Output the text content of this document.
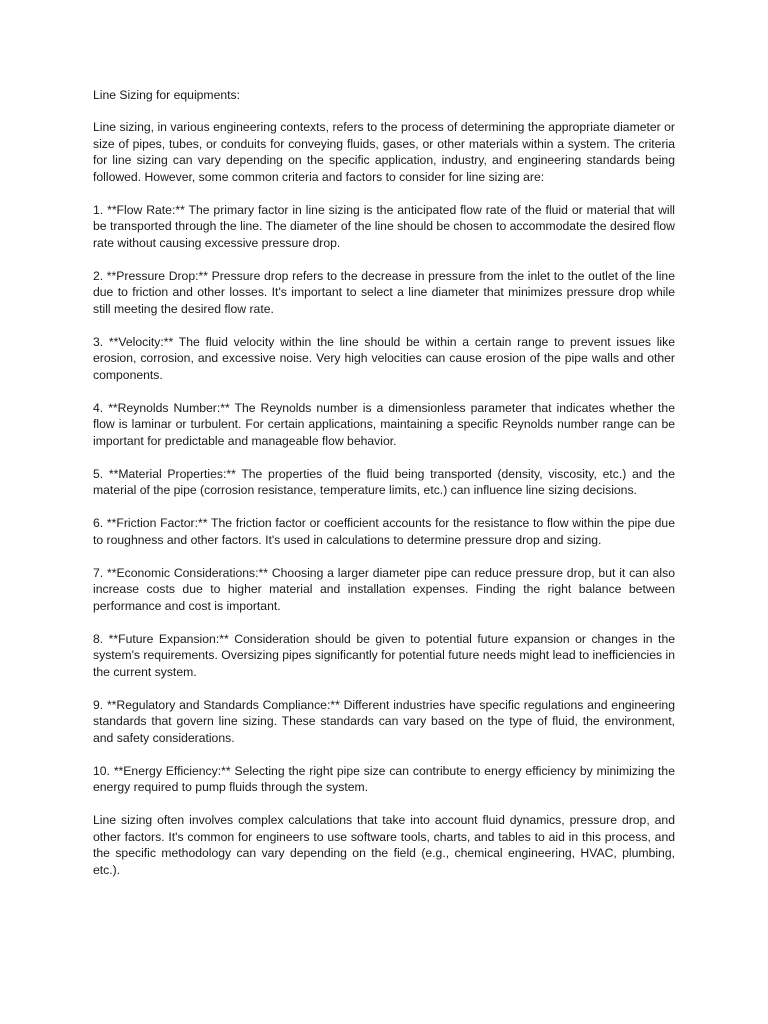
Line Sizing for equipments:

Line sizing, in various engineering contexts, refers to the process of determining the appropriate diameter or size of pipes, tubes, or conduits for conveying fluids, gases, or other materials within a system. The criteria for line sizing can vary depending on the specific application, industry, and engineering standards being followed. However, some common criteria and factors to consider for line sizing are:

1. **Flow Rate:** The primary factor in line sizing is the anticipated flow rate of the fluid or material that will be transported through the line. The diameter of the line should be chosen to accommodate the desired flow rate without causing excessive pressure drop.

2. **Pressure Drop:** Pressure drop refers to the decrease in pressure from the inlet to the outlet of the line due to friction and other losses. It's important to select a line diameter that minimizes pressure drop while still meeting the desired flow rate.

3. **Velocity:** The fluid velocity within the line should be within a certain range to prevent issues like erosion, corrosion, and excessive noise. Very high velocities can cause erosion of the pipe walls and other components.

4. **Reynolds Number:** The Reynolds number is a dimensionless parameter that indicates whether the flow is laminar or turbulent. For certain applications, maintaining a specific Reynolds number range can be important for predictable and manageable flow behavior.

5. **Material Properties:** The properties of the fluid being transported (density, viscosity, etc.) and the material of the pipe (corrosion resistance, temperature limits, etc.) can influence line sizing decisions.

6. **Friction Factor:** The friction factor or coefficient accounts for the resistance to flow within the pipe due to roughness and other factors. It's used in calculations to determine pressure drop and sizing.

7. **Economic Considerations:** Choosing a larger diameter pipe can reduce pressure drop, but it can also increase costs due to higher material and installation expenses. Finding the right balance between performance and cost is important.

8. **Future Expansion:** Consideration should be given to potential future expansion or changes in the system's requirements. Oversizing pipes significantly for potential future needs might lead to inefficiencies in the current system.

9. **Regulatory and Standards Compliance:** Different industries have specific regulations and engineering standards that govern line sizing. These standards can vary based on the type of fluid, the environment, and safety considerations.

10. **Energy Efficiency:** Selecting the right pipe size can contribute to energy efficiency by minimizing the energy required to pump fluids through the system.

Line sizing often involves complex calculations that take into account fluid dynamics, pressure drop, and other factors. It's common for engineers to use software tools, charts, and tables to aid in this process, and the specific methodology can vary depending on the field (e.g., chemical engineering, HVAC, plumbing, etc.).
